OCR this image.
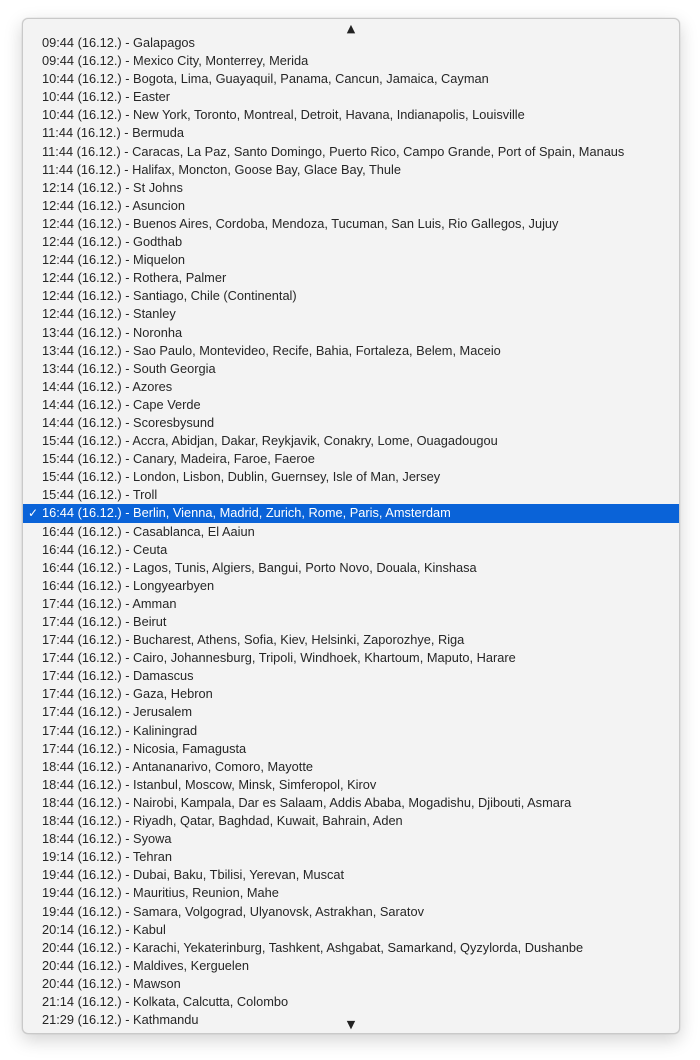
▲
09:44 (16.12.) - Galapagos
09:44 (16.12.) - Mexico City, Monterrey, Merida
10:44 (16.12.) - Bogota, Lima, Guayaquil, Panama, Cancun, Jamaica, Cayman
10:44 (16.12.) - Easter
10:44 (16.12.) - New York, Toronto, Montreal, Detroit, Havana, Indianapolis, Louisville
11:44 (16.12.) - Bermuda
11:44 (16.12.) - Caracas, La Paz, Santo Domingo, Puerto Rico, Campo Grande, Port of Spain, Manaus
11:44 (16.12.) - Halifax, Moncton, Goose Bay, Glace Bay, Thule
12:14 (16.12.) - St Johns
12:44 (16.12.) - Asuncion
12:44 (16.12.) - Buenos Aires, Cordoba, Mendoza, Tucuman, San Luis, Rio Gallegos, Jujuy
12:44 (16.12.) - Godthab
12:44 (16.12.) - Miquelon
12:44 (16.12.) - Rothera, Palmer
12:44 (16.12.) - Santiago, Chile (Continental)
12:44 (16.12.) - Stanley
13:44 (16.12.) - Noronha
13:44 (16.12.) - Sao Paulo, Montevideo, Recife, Bahia, Fortaleza, Belem, Maceio
13:44 (16.12.) - South Georgia
14:44 (16.12.) - Azores
14:44 (16.12.) - Cape Verde
14:44 (16.12.) - Scoresbysund
15:44 (16.12.) - Accra, Abidjan, Dakar, Reykjavik, Conakry, Lome, Ouagadougou
15:44 (16.12.) - Canary, Madeira, Faroe, Faeroe
15:44 (16.12.) - London, Lisbon, Dublin, Guernsey, Isle of Man, Jersey
15:44 (16.12.) - Troll
✓ 16:44 (16.12.) - Berlin, Vienna, Madrid, Zurich, Rome, Paris, Amsterdam
16:44 (16.12.) - Casablanca, El Aaiun
16:44 (16.12.) - Ceuta
16:44 (16.12.) - Lagos, Tunis, Algiers, Bangui, Porto Novo, Douala, Kinshasa
16:44 (16.12.) - Longyearbyen
17:44 (16.12.) - Amman
17:44 (16.12.) - Beirut
17:44 (16.12.) - Bucharest, Athens, Sofia, Kiev, Helsinki, Zaporozhye, Riga
17:44 (16.12.) - Cairo, Johannesburg, Tripoli, Windhoek, Khartoum, Maputo, Harare
17:44 (16.12.) - Damascus
17:44 (16.12.) - Gaza, Hebron
17:44 (16.12.) - Jerusalem
17:44 (16.12.) - Kaliningrad
17:44 (16.12.) - Nicosia, Famagusta
18:44 (16.12.) - Antananarivo, Comoro, Mayotte
18:44 (16.12.) - Istanbul, Moscow, Minsk, Simferopol, Kirov
18:44 (16.12.) - Nairobi, Kampala, Dar es Salaam, Addis Ababa, Mogadishu, Djibouti, Asmara
18:44 (16.12.) - Riyadh, Qatar, Baghdad, Kuwait, Bahrain, Aden
18:44 (16.12.) - Syowa
19:14 (16.12.) - Tehran
19:44 (16.12.) - Dubai, Baku, Tbilisi, Yerevan, Muscat
19:44 (16.12.) - Mauritius, Reunion, Mahe
19:44 (16.12.) - Samara, Volgograd, Ulyanovsk, Astrakhan, Saratov
20:14 (16.12.) - Kabul
20:44 (16.12.) - Karachi, Yekaterinburg, Tashkent, Ashgabat, Samarkand, Qyzylorda, Dushanbe
20:44 (16.12.) - Maldives, Kerguelen
20:44 (16.12.) - Mawson
21:14 (16.12.) - Kolkata, Calcutta, Colombo
21:29 (16.12.) - Kathmandu	▼
